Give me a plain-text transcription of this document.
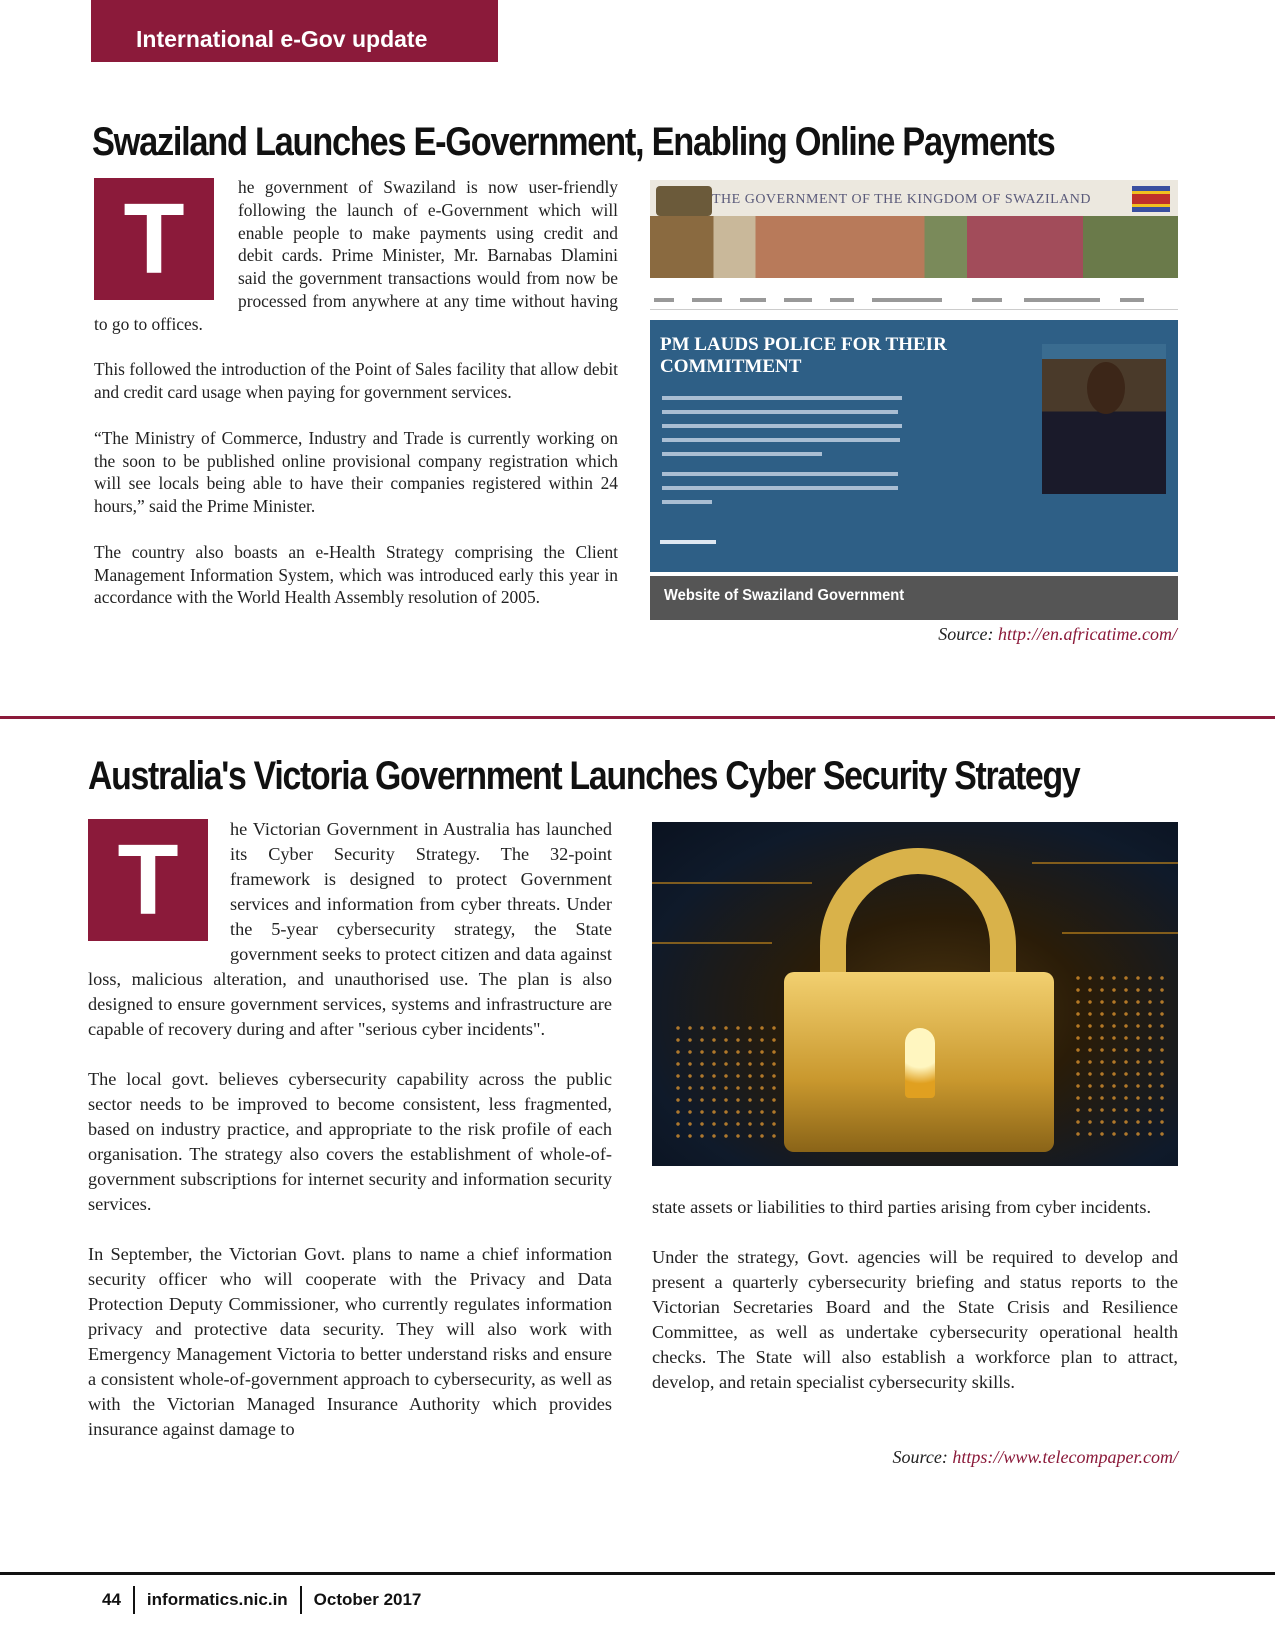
International e-Gov update
Swaziland Launches E-Government, Enabling Online Payments
T	he government of Swaziland is now user-friendly following the launch of e-Government which will enable people to make payments using credit and debit cards. Prime Minister, Mr. Barnabas Dlamini said the government transactions would from now be processed from anywhere at any time without having to go to offices.

This followed the introduction of the Point of Sales facility that allow debit and credit card usage when paying for government services.

“The Ministry of Commerce, Industry and Trade is currently working on the soon to be published online provisional company registration which will see locals being able to have their companies registered within 24 hours,” said the Prime Minister.

The country also boasts an e-Health Strategy comprising the Client Management Information System, which was introduced early this year in accordance with the World Health Assembly resolution of 2005.

THE GOVERNMENT OF THE KINGDOM OF SWAZILAND
PM LAUDS POLICE FOR THEIR COMMITMENT
Website of Swaziland Government
Source: http://en.africatime.com/
Australia's Victoria Government Launches Cyber Security Strategy
T	he Victorian Government in Australia has launched its Cyber Security Strategy. The 32-point framework is designed to protect Government services and information from cyber threats. Under the 5-year cybersecurity strategy, the State government seeks to protect citizen and data against loss, malicious alteration, and unauthorised use. The plan is also designed to ensure government services, systems and infrastructure are capable of recovery during and after "serious cyber incidents".

The local govt. believes cybersecurity capability across the public sector needs to be improved to become consistent, less fragmented, based on industry practice, and appropriate to the risk profile of each organisation. The strategy also covers the establishment of whole-of-government subscriptions for internet security and information security services.

In September, the Victorian Govt. plans to name a chief information security officer who will cooperate with the Privacy and Data Protection Deputy Commissioner, who currently regulates information privacy and protective data security. They will also work with Emergency Management Victoria to better understand risks and ensure a consistent whole-of-government approach to cybersecurity, as well as with the Victorian Managed Insurance Authority which provides insurance against damage to

state assets or liabilities to third parties arising from cyber incidents.

Under the strategy, Govt. agencies will be required to develop and present a quarterly cybersecurity briefing and status reports to the Victorian Secretaries Board and the State Crisis and Resilience Committee, as well as undertake cybersecurity operational health checks. The State will also establish a workforce plan to attract, develop, and retain specialist cybersecurity skills.

Source: https://www.telecompaper.com/
44 informatics.nic.in October 2017
